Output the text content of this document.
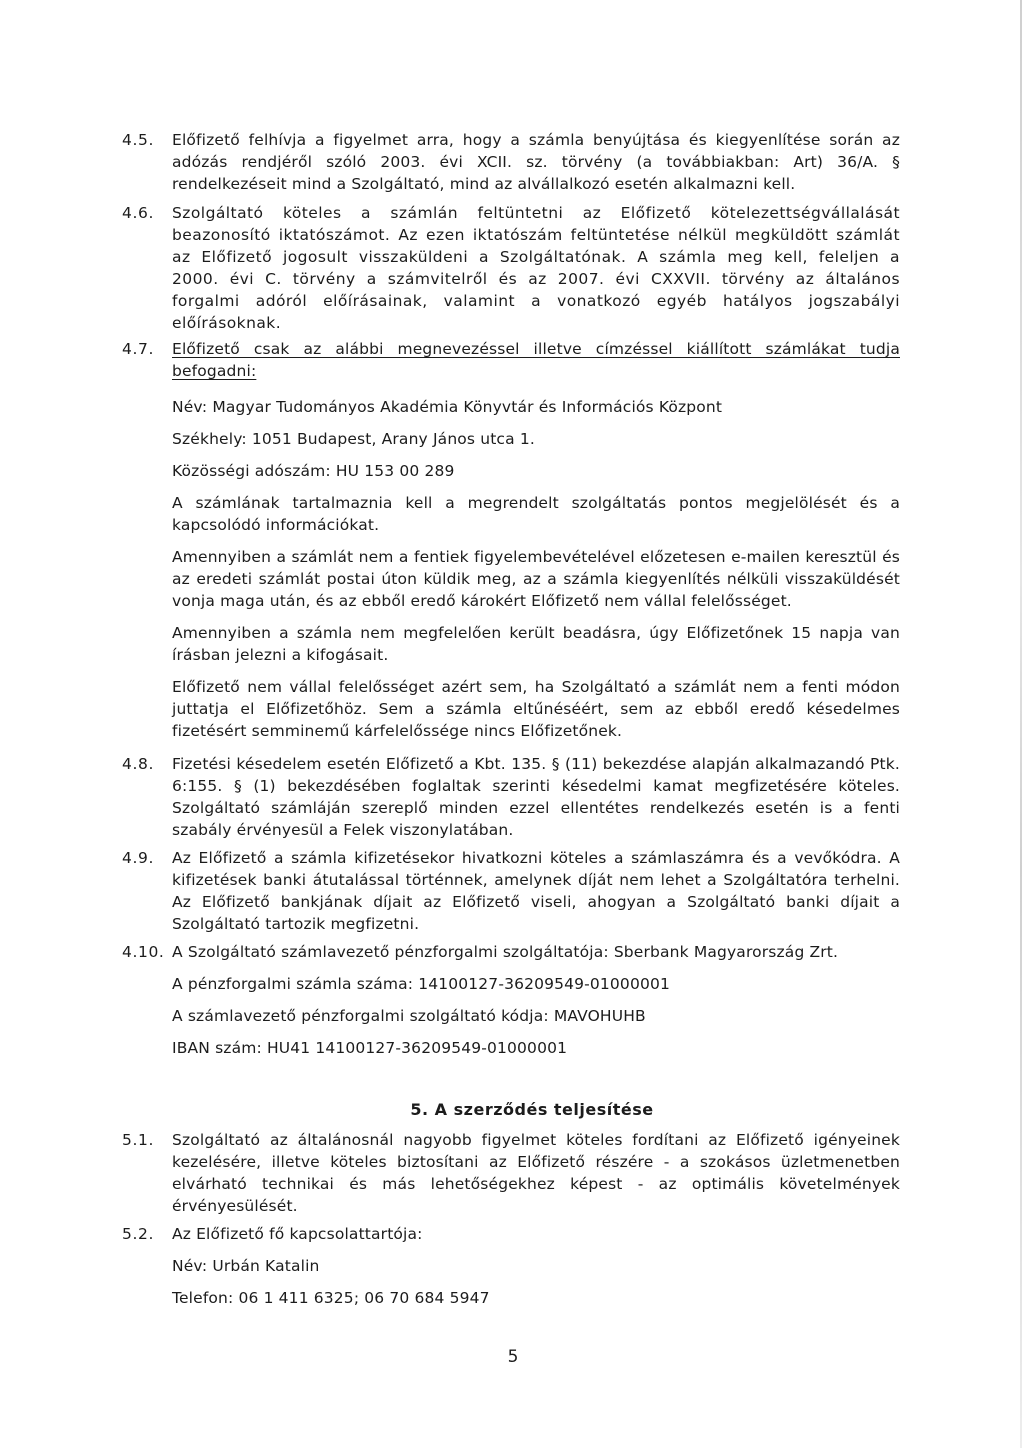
4.5. Előfizető felhívja a figyelmet arra, hogy a számla benyújtása és kiegyenlítése során az adózás rendjéről szóló 2003. évi XCII. sz. törvény (a továbbiakban: Art) 36/A. § rendelkezéseit mind a Szolgáltató, mind az alvállalkozó esetén alkalmazni kell.

4.6. Szolgáltató köteles a számlán feltüntetni az Előfizető kötelezettségvállalását beazonosító iktatószámot. Az ezen iktatószám feltüntetése nélkül megküldött számlát az Előfizető jogosult visszaküldeni a Szolgáltatónak. A számla meg kell, feleljen a 2000. évi C. törvény a számvitelről és az 2007. évi CXXVII. törvény az általános forgalmi adóról előírásainak, valamint a vonatkozó egyéb hatályos jogszabályi előírásoknak.

4.7. Előfizető csak az alábbi megnevezéssel illetve címzéssel kiállított számlákat tudja befogadni:

Név: Magyar Tudományos Akadémia Könyvtár és Információs Központ

Székhely: 1051 Budapest, Arany János utca 1.

Közösségi adószám: HU 153 00 289

A számlának tartalmaznia kell a megrendelt szolgáltatás pontos megjelölését és a kapcsolódó információkat.

Amennyiben a számlát nem a fentiek figyelembevételével előzetesen e-mailen keresztül és az eredeti számlát postai úton küldik meg, az a számla kiegyenlítés nélküli visszaküldését vonja maga után, és az ebből eredő károkért Előfizető nem vállal felelősséget.

Amennyiben a számla nem megfelelően került beadásra, úgy Előfizetőnek 15 napja van írásban jelezni a kifogásait.

Előfizető nem vállal felelősséget azért sem, ha Szolgáltató a számlát nem a fenti módon juttatja el Előfizetőhöz. Sem a számla eltűnéséért, sem az ebből eredő késedelmes fizetésért semminemű kárfelelőssége nincs Előfizetőnek.

4.8. Fizetési késedelem esetén Előfizető a Kbt. 135. § (11) bekezdése alapján alkalmazandó Ptk. 6:155. § (1) bekezdésében foglaltak szerinti késedelmi kamat megfizetésére köteles. Szolgáltató számláján szereplő minden ezzel ellentétes rendelkezés esetén is a fenti szabály érvényesül a Felek viszonylatában.

4.9. Az Előfizető a számla kifizetésekor hivatkozni köteles a számlaszámra és a vevőkódra. A kifizetések banki átutalással történnek, amelynek díját nem lehet a Szolgáltatóra terhelni. Az Előfizető bankjának díjait az Előfizető viseli, ahogyan a Szolgáltató banki díjait a Szolgáltató tartozik megfizetni.

4.10. A Szolgáltató számlavezető pénzforgalmi szolgáltatója: Sberbank Magyarország Zrt.

A pénzforgalmi számla száma: 14100127-36209549-01000001

A számlavezető pénzforgalmi szolgáltató kódja: MAVOHUHB

IBAN szám: HU41 14100127-36209549-01000001

5. A szerződés teljesítése
5.1. Szolgáltató az általánosnál nagyobb figyelmet köteles fordítani az Előfizető igényeinek kezelésére, illetve köteles biztosítani az Előfizető részére - a szokásos üzletmenetben elvárható technikai és más lehetőségekhez képest - az optimális követelmények érvényesülését.

5.2. Az Előfizető fő kapcsolattartója:

Név: Urbán Katalin

Telefon: 06 1 411 6325; 06 70 684 5947

5
